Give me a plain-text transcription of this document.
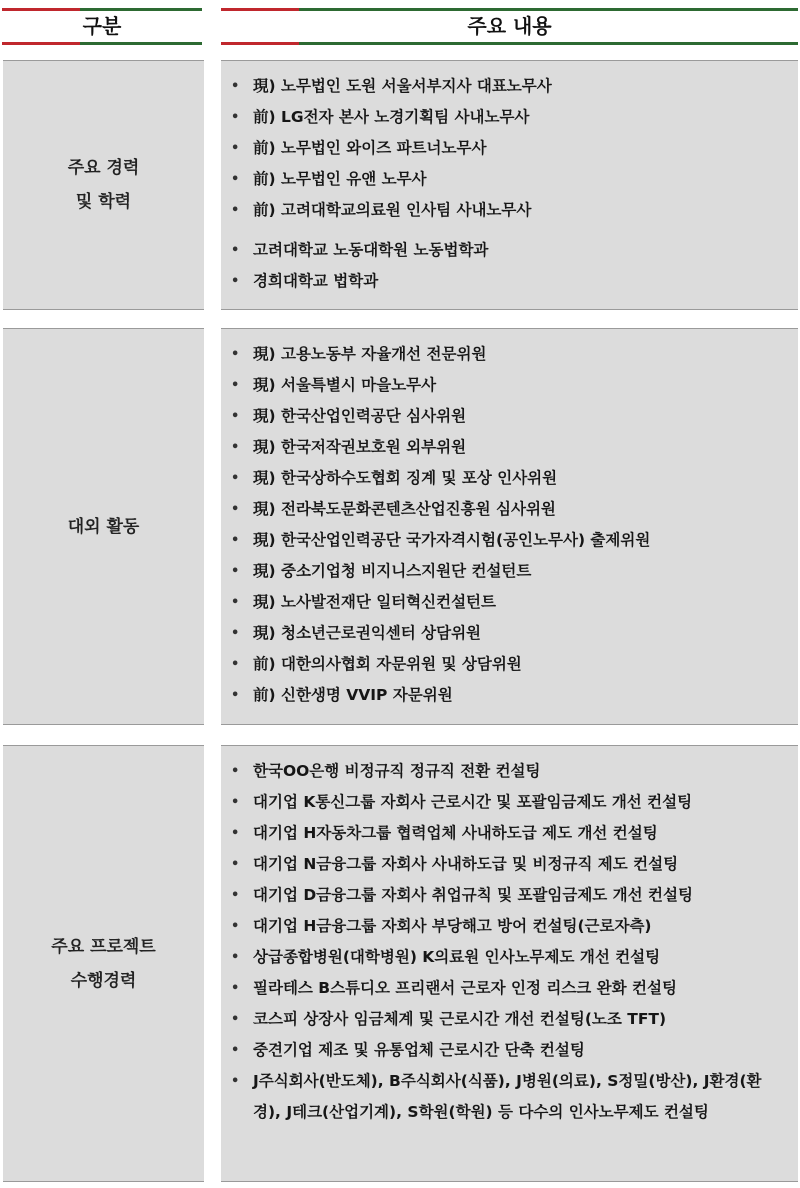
구분	주요 내용
주요 경력
및 학력
• 現) 노무법인 도원 서울서부지사 대표노무사
• 前) LG전자 본사 노경기획팀 사내노무사
• 前) 노무법인 와이즈 파트너노무사
• 前) 노무법인 유앤 노무사
• 前) 고려대학교의료원 인사팀 사내노무사
• 고려대학교 노동대학원 노동법학과
• 경희대학교 법학과
대외 활동
• 現) 고용노동부 자율개선 전문위원
• 現) 서울특별시 마을노무사
• 現) 한국산업인력공단 심사위원
• 現) 한국저작권보호원 외부위원
• 現) 한국상하수도협회 징계 및 포상 인사위원
• 現) 전라북도문화콘텐츠산업진흥원 심사위원
• 現) 한국산업인력공단 국가자격시험(공인노무사) 출제위원
• 現) 중소기업청 비지니스지원단 컨설턴트
• 現) 노사발전재단 일터혁신컨설턴트
• 現) 청소년근로권익센터 상담위원
• 前) 대한의사협회 자문위원 및 상담위원
• 前) 신한생명 VVIP 자문위원
주요 프로젝트
수행경력
• 한국OO은행 비정규직 정규직 전환 컨설팅
• 대기업 K통신그룹 자회사 근로시간 및 포괄임금제도 개선 컨설팅
• 대기업 H자동차그룹 협력업체 사내하도급 제도 개선 컨설팅
• 대기업 N금융그룹 자회사 사내하도급 및 비정규직 제도 컨설팅
• 대기업 D금융그룹 자회사 취업규칙 및 포괄임금제도 개선 컨설팅
• 대기업 H금융그룹 자회사 부당해고 방어 컨설팅(근로자측)
• 상급종합병원(대학병원) K의료원 인사노무제도 개선 컨설팅
• 필라테스 B스튜디오 프리랜서 근로자 인정 리스크 완화 컨설팅
• 코스피 상장사 임금체계 및 근로시간 개선 컨설팅(노조 TFT)
• 중견기업 제조 및 유통업체 근로시간 단축 컨설팅
• J주식회사(반도체), B주식회사(식품), J병원(의료), S정밀(방산), J환경(환경), J테크(산업기계), S학원(학원) 등 다수의 인사노무제도 컨설팅
